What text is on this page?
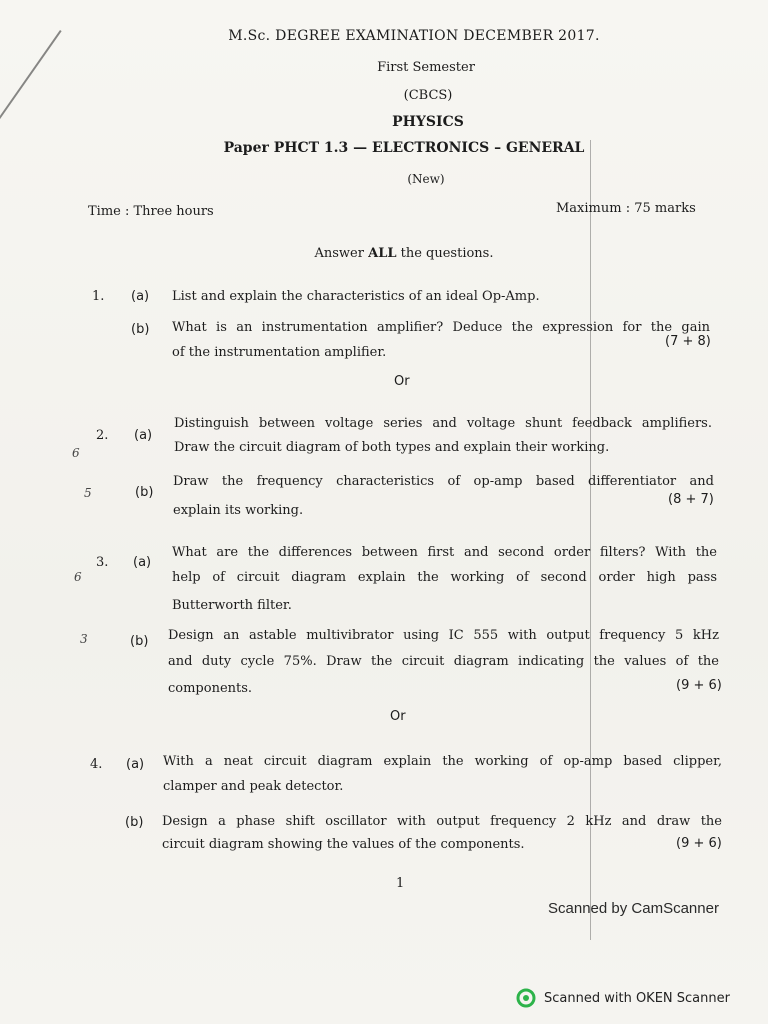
M.Sc. DEGREE EXAMINATION DECEMBER 2017.
First Semester
(CBCS)
PHYSICS
Paper PHCT 1.3 — ELECTRONICS – GENERAL
(New)
Time : Three hours	Maximum : 75 marks
Answer ALL the questions.
1. (a) List and explain the characteristics of an ideal Op-Amp.
(b) What is an instrumentation amplifier? Deduce the expression for the gain
of the instrumentation amplifier.
(7 + 8)
Or
6
2. (a)
Distinguish between voltage series and voltage shunt feedback amplifiers.
Draw the circuit diagram of both types and explain their working.
5	(b)
Draw the frequency characteristics of op-amp based differentiator and
explain its working.
(8 + 7)
6
3. (a)
What are the differences between first and second order filters? With the
help of circuit diagram explain the working of second order high pass
Butterworth filter.
3	(b) Design an astable multivibrator using IC 555 with output frequency 5 kHz
and duty cycle 75%. Draw the circuit diagram indicating the values of the
components.	(9 + 6)
Or
4. (a) With a neat circuit diagram explain the working of op-amp based clipper,
clamper and peak detector.
(b) Design a phase shift oscillator with output frequency 2 kHz and draw the
circuit diagram showing the values of the components.	(9 + 6)
1
Scanned by CamScanner
Scanned with OKEN Scanner
